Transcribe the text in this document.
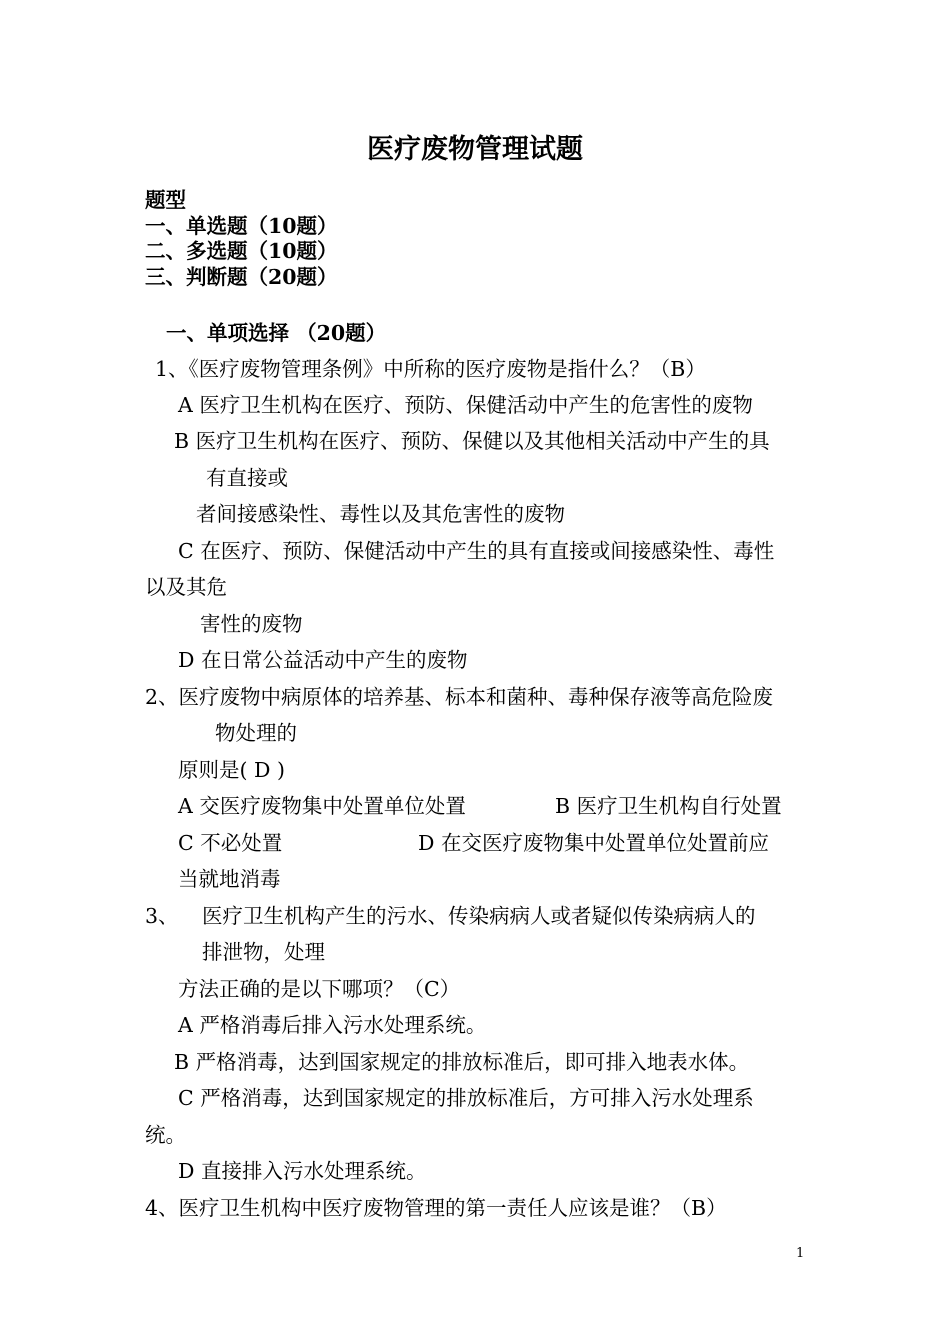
医疗废物管理试题
题型
一、单选题（10题）
二、多选题（10题）
三、判断题（20题）
一、单项选择 （20题）
1、《医疗废物管理条例》中所称的医疗废物是指什么？（B）
A 医疗卫生机构在医疗、预防、保健活动中产生的危害性的废物
B 医疗卫生机构在医疗、预防、保健以及其他相关活动中产生的具
有直接或
者间接感染性、毒性以及其危害性的废物
C 在医疗、预防、保健活动中产生的具有直接或间接感染性、毒性
以及其危
害性的废物
D 在日常公益活动中产生的废物
2、医疗废物中病原体的培养基、标本和菌种、毒种保存液等高危险废
物处理的
原则是( D )
A 交医疗废物集中处置单位处置	B 医疗卫生机构自行处置
C 不必处置	D 在交医疗废物集中处置单位处置前应
当就地消毒
3、 医疗卫生机构产生的污水、传染病病人或者疑似传染病病人的
排泄物，处理
方法正确的是以下哪项？（C）
A 严格消毒后排入污水处理系统。
B 严格消毒，达到国家规定的排放标准后，即可排入地表水体。
C 严格消毒，达到国家规定的排放标准后，方可排入污水处理系
统。
D 直接排入污水处理系统。
4、医疗卫生机构中医疗废物管理的第一责任人应该是谁？（B）
1
